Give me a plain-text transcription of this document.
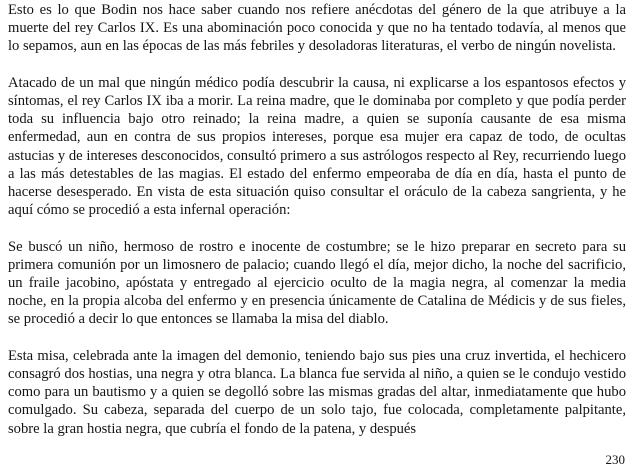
Esto es lo que Bodin nos hace saber cuando nos refiere anécdotas del género de la que atribuye a la muerte del rey Carlos IX. Es una abominación poco conocida y que no ha tentado todavía, al menos que lo sepamos, aun en las épocas de las más febriles y desoladoras literaturas, el verbo de ningún novelista.

Atacado de un mal que ningún médico podía descubrir la causa, ni explicarse a los espantosos efectos y síntomas, el rey Carlos IX iba a morir. La reina madre, que le dominaba por completo y que podía perder toda su influencia bajo otro reinado; la reina madre, a quien se suponía causante de esa misma enfermedad, aun en contra de sus propios intereses, porque esa mujer era capaz de todo, de ocultas astucias y de intereses desconocidos, consultó primero a sus astrólogos respecto al Rey, recurriendo luego a las más detestables de las magias. El estado del enfermo empeoraba de día en día, hasta el punto de hacerse desesperado. En vista de esta situación quiso consultar el oráculo de la cabeza sangrienta, y he aquí cómo se procedió a esta infernal operación:

Se buscó un niño, hermoso de rostro e inocente de costumbre; se le hizo preparar en secreto para su primera comunión por un limosnero de palacio; cuando llegó el día, mejor dicho, la noche del sacrificio, un fraile jacobino, apóstata y entregado al ejercicio oculto de la magia negra, al comenzar la media noche, en la propia alcoba del enfermo y en presencia únicamente de Catalina de Médicis y de sus fieles, se procedió a decir lo que entonces se llamaba la misa del diablo.

Esta misa, celebrada ante la imagen del demonio, teniendo bajo sus pies una cruz invertida, el hechicero consagró dos hostias, una negra y otra blanca. La blanca fue servida al niño, a quien se le condujo vestido como para un bautismo y a quien se degolló sobre las mismas gradas del altar, inmediatamente que hubo comulgado. Su cabeza, separada del cuerpo de un solo tajo, fue colocada, completamente palpitante, sobre la gran hostia negra, que cubría el fondo de la patena, y después

230
